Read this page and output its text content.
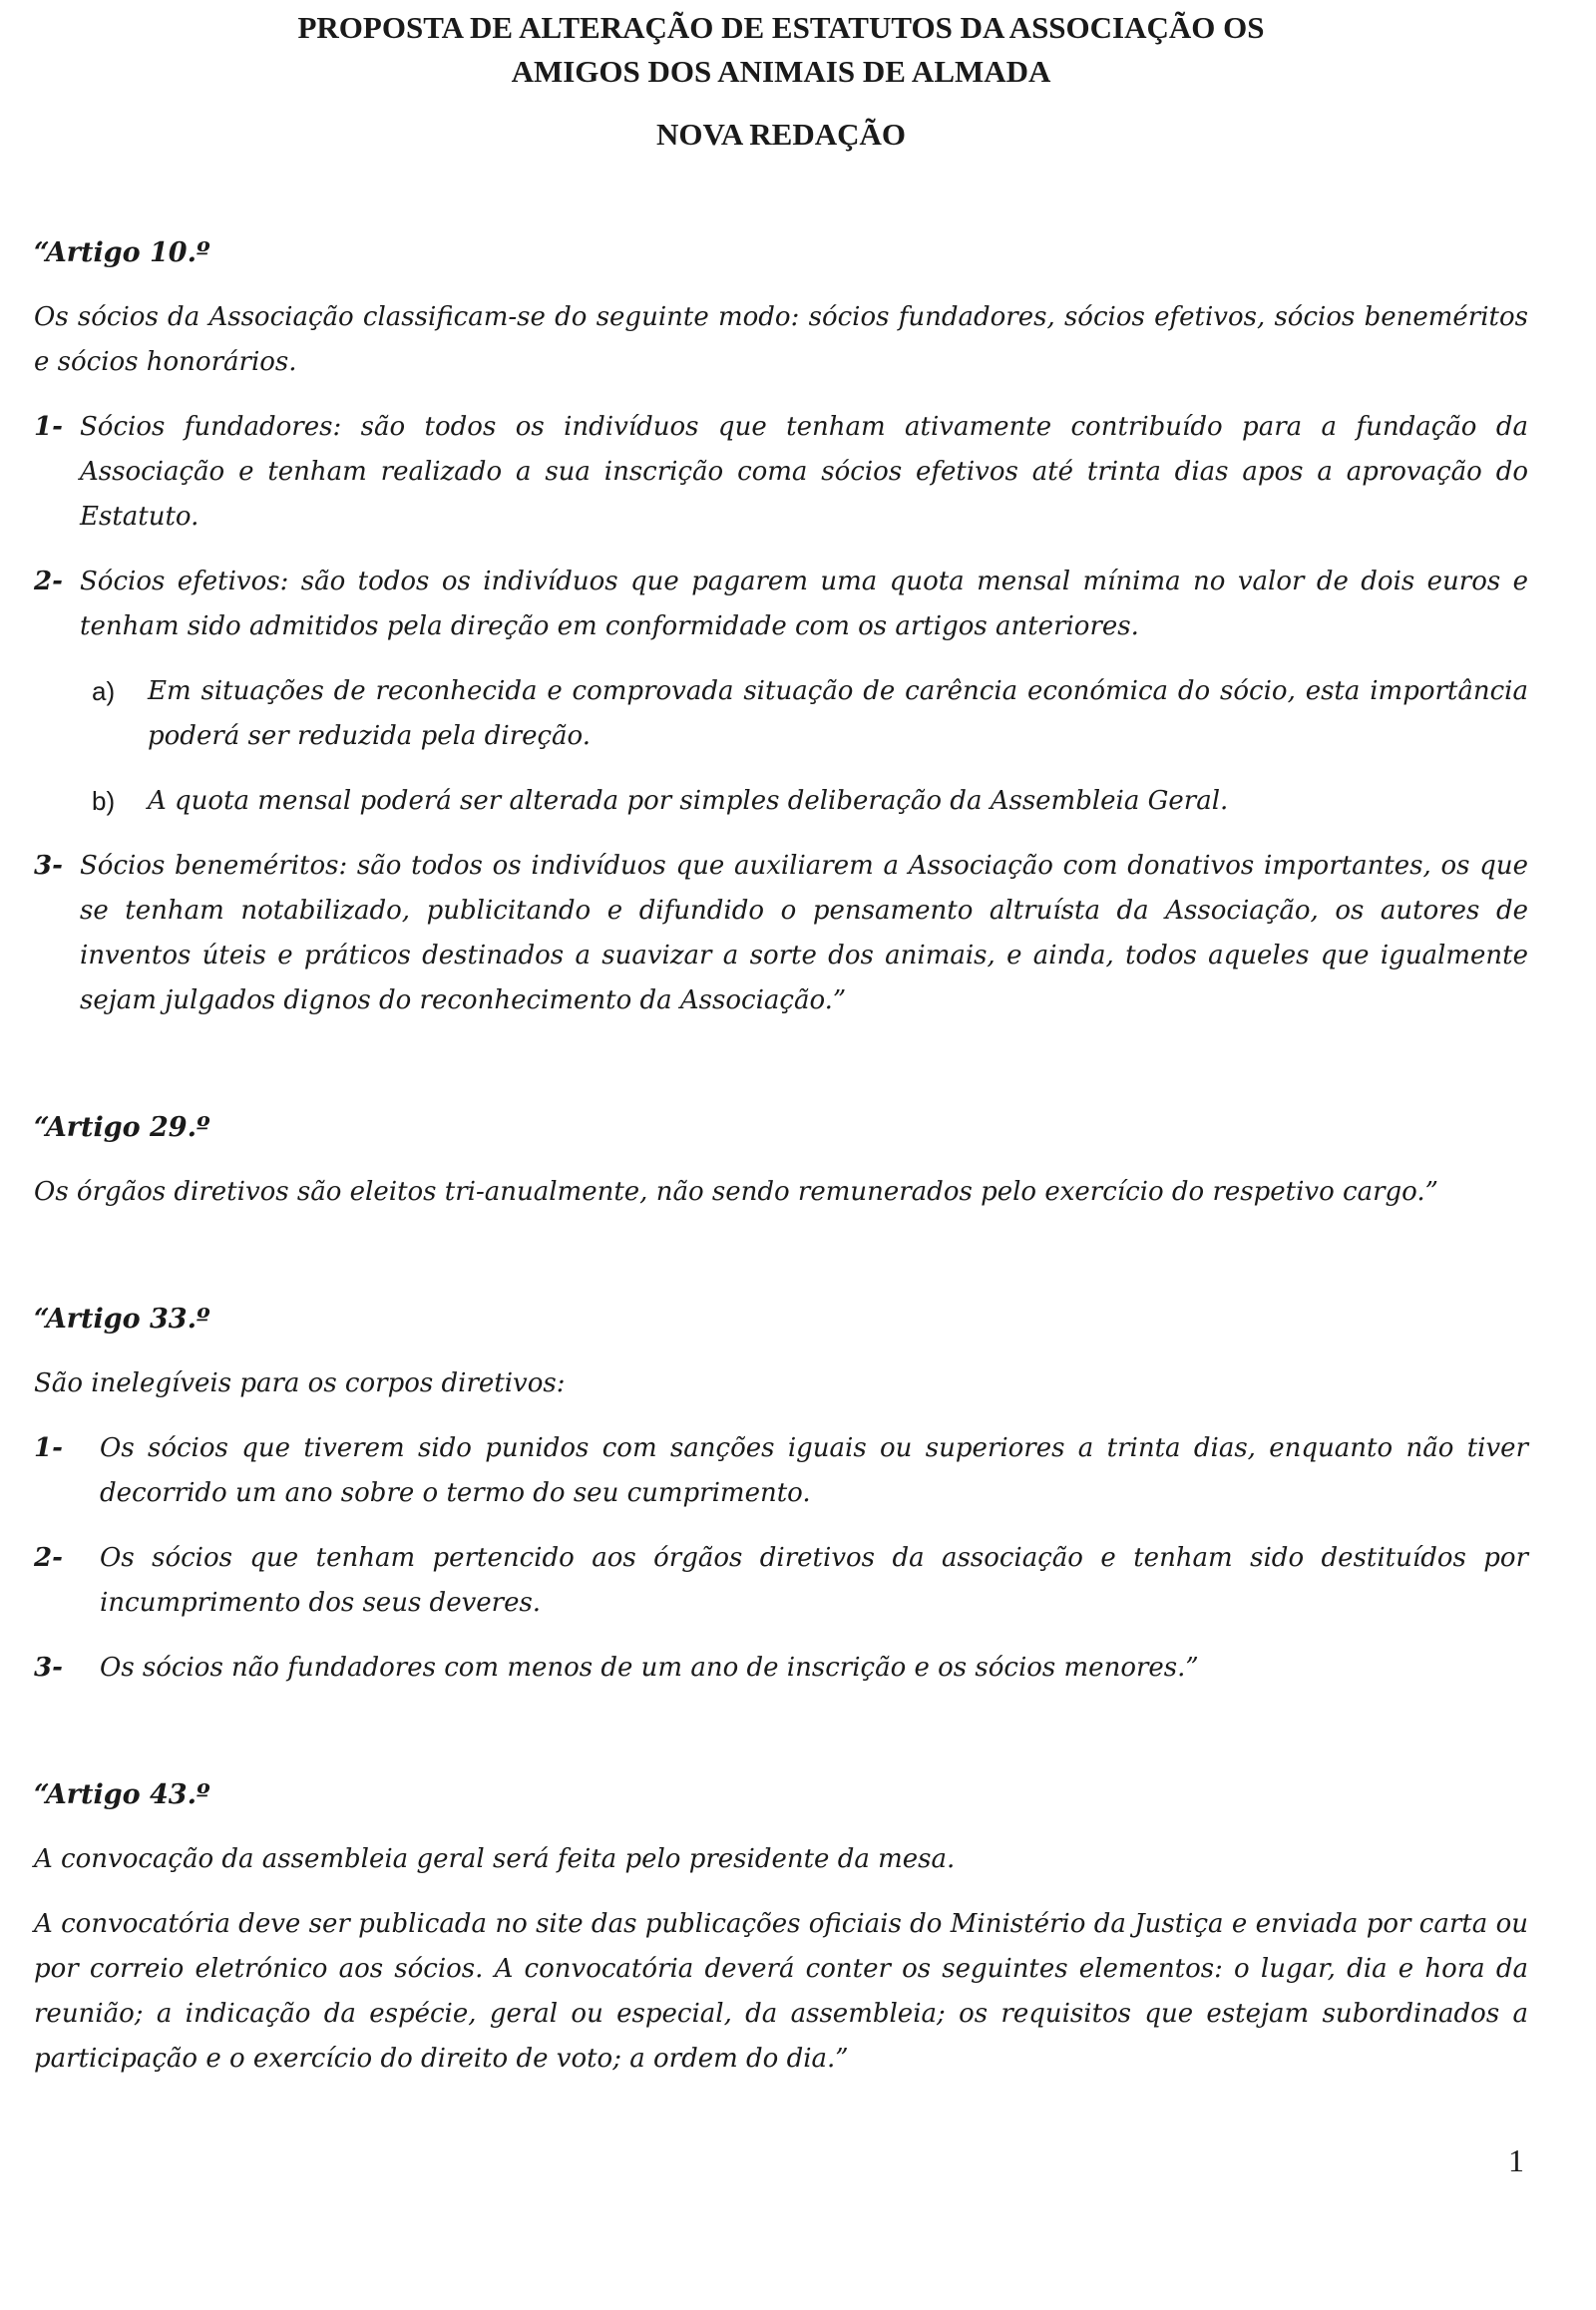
PROPOSTA DE ALTERAÇÃO DE ESTATUTOS DA ASSOCIAÇÃO OS

AMIGOS DOS ANIMAIS DE ALMADA

NOVA REDAÇÃO

“Artigo 10.º

Os sócios da Associação classificam-se do seguinte modo: sócios fundadores, sócios efetivos, sócios beneméritos e sócios honorários.

1- Sócios fundadores: são todos os indivíduos que tenham ativamente contribuído para a fundação da Associação e tenham realizado a sua inscrição coma sócios efetivos até trinta dias apos a aprovação do Estatuto.
2- Sócios efetivos: são todos os indivíduos que pagarem uma quota mensal mínima no valor de dois euros e tenham sido admitidos pela direção em conformidade com os artigos anteriores.
a) Em situações de reconhecida e comprovada situação de carência económica do sócio, esta importância poderá ser reduzida pela direção.
b) A quota mensal poderá ser alterada por simples deliberação da Assembleia Geral.
3- Sócios beneméritos: são todos os indivíduos que auxiliarem a Associação com donativos importantes, os que se tenham notabilizado, publicitando e difundido o pensamento altruísta da Associação, os autores de inventos úteis e práticos destinados a suavizar a sorte dos animais, e ainda, todos aqueles que igualmente sejam julgados dignos do reconhecimento da Associação.”

“Artigo 29.º

Os órgãos diretivos são eleitos tri-anualmente, não sendo remunerados pelo exercício do respetivo cargo.”

“Artigo 33.º

São inelegíveis para os corpos diretivos:

1- Os sócios que tiverem sido punidos com sanções iguais ou superiores a trinta dias, enquanto não tiver decorrido um ano sobre o termo do seu cumprimento.
2- Os sócios que tenham pertencido aos órgãos diretivos da associação e tenham sido destituídos por incumprimento dos seus deveres.
3- Os sócios não fundadores com menos de um ano de inscrição e os sócios menores.”

“Artigo 43.º

A convocação da assembleia geral será feita pelo presidente da mesa.

A convocatória deve ser publicada no site das publicações oficiais do Ministério da Justiça e enviada por carta ou por correio eletrónico aos sócios. A convocatória deverá conter os seguintes elementos: o lugar, dia e hora da reunião; a indicação da espécie, geral ou especial, da assembleia; os requisitos que estejam subordinados a participação e o exercício do direito de voto; a ordem do dia.”

1
